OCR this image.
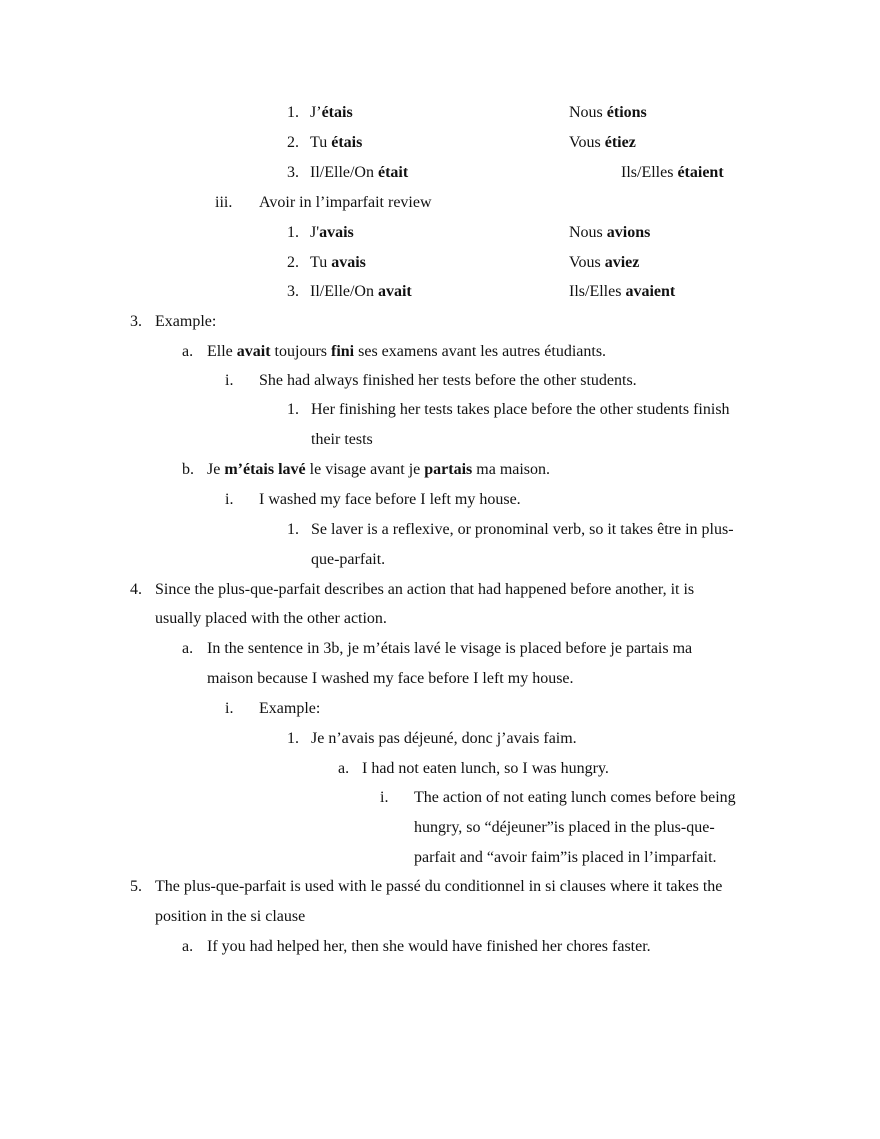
1. J’étais	Nous étions
2. Tu étais	Vous étiez
3. Il/Elle/On était	Ils/Elles étaient
iii. Avoir in l’imparfait review
1. J'avais	Nous avions
2. Tu avais	Vous aviez
3. Il/Elle/On avait	Ils/Elles avaient
3. Example:
a. Elle avait toujours fini ses examens avant les autres étudiants.
i. She had always finished her tests before the other students.
1. Her finishing her tests takes place before the other students finish
their tests
b. Je m’étais lavé le visage avant je partais ma maison.
i. I washed my face before I left my house.
1. Se laver is a reflexive, or pronominal verb, so it takes être in plus-
que-parfait.
4. Since the plus-que-parfait describes an action that had happened before another, it is
usually placed with the other action.
a. In the sentence in 3b, je m’étais lavé le visage is placed before je partais ma
maison because I washed my face before I left my house.
i. Example:
1. Je n’avais pas déjeuné, donc j’avais faim.
a. I had not eaten lunch, so I was hungry.
i. The action of not eating lunch comes before being
hungry, so “déjeuner”is placed in the plus-que-
parfait and “avoir faim”is placed in l’imparfait.
5. The plus-que-parfait is used with le passé du conditionnel in si clauses where it takes the
position in the si clause
a. If you had helped her, then she would have finished her chores faster.
